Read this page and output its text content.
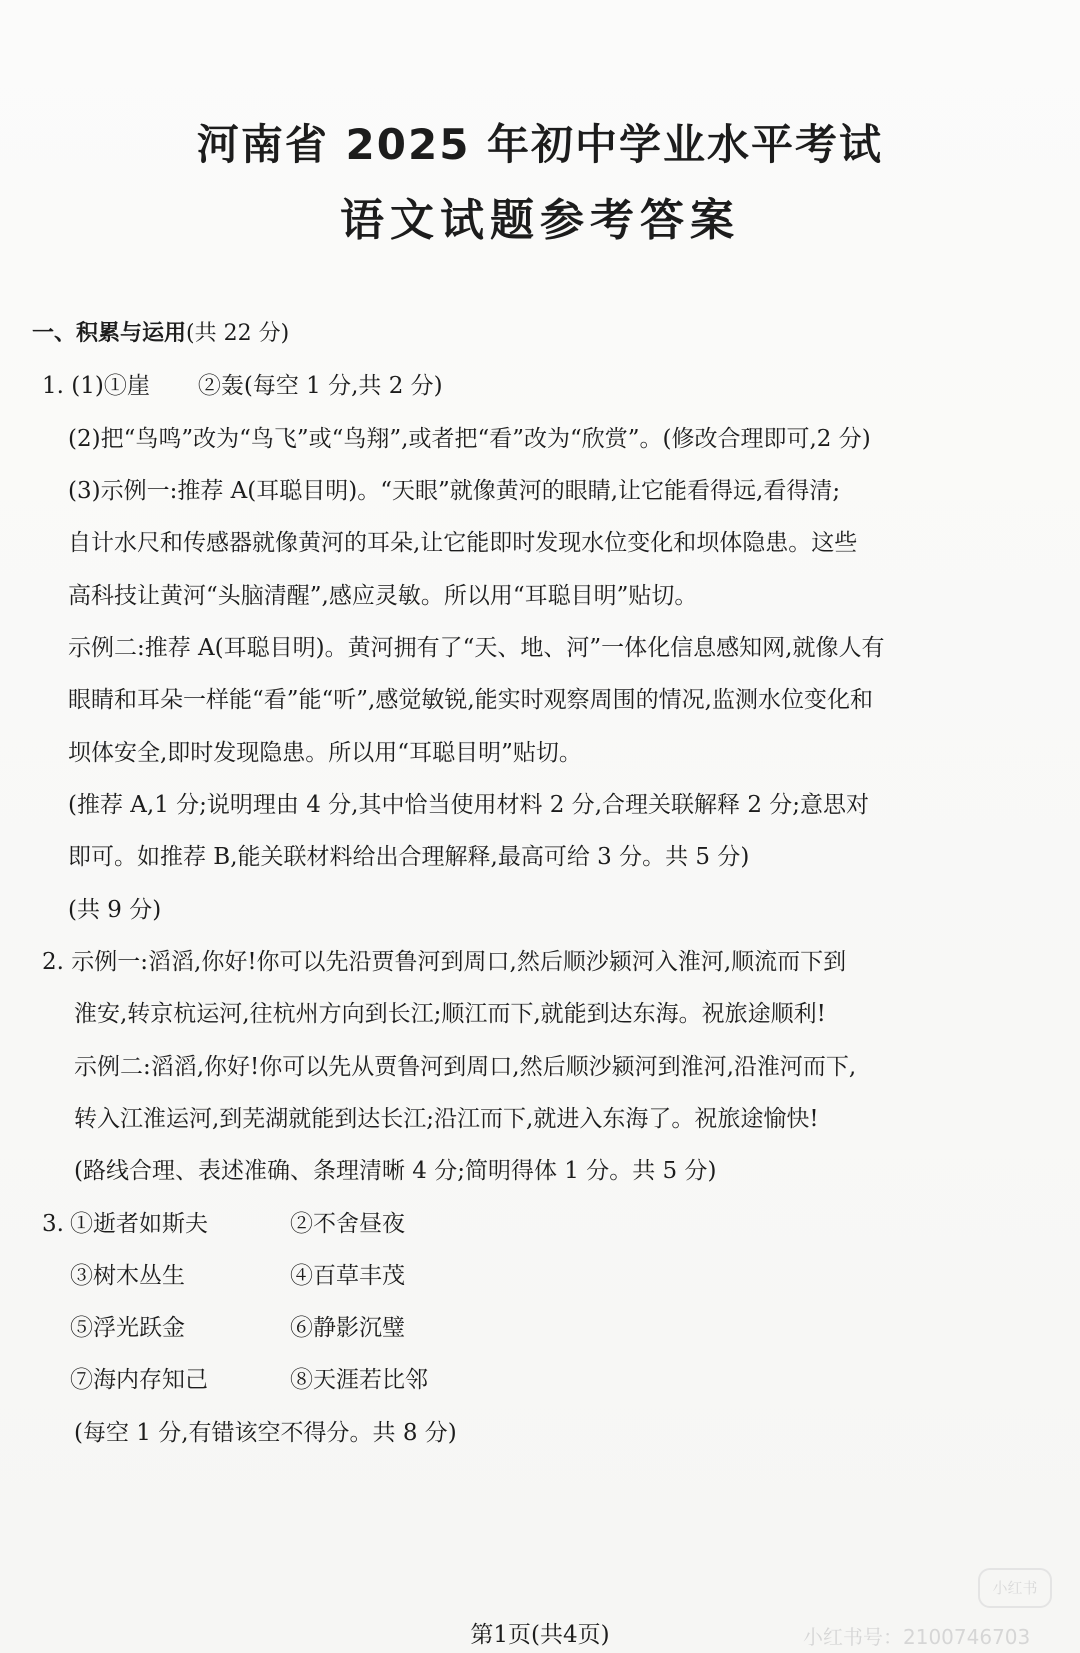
河南省 2025 年初中学业水平考试
语文试题参考答案
一、积累与运用(共 22 分)
1. (1)①崖 ②轰(每空 1 分,共 2 分)
(2)把“鸟鸣”改为“鸟飞”或“鸟翔”,或者把“看”改为“欣赏”。(修改合理即可,2 分)
(3)示例一:推荐 A(耳聪目明)。“天眼”就像黄河的眼睛,让它能看得远,看得清;
自计水尺和传感器就像黄河的耳朵,让它能即时发现水位变化和坝体隐患。这些
高科技让黄河“头脑清醒”,感应灵敏。所以用“耳聪目明”贴切。
示例二:推荐 A(耳聪目明)。黄河拥有了“天、地、河”一体化信息感知网,就像人有
眼睛和耳朵一样能“看”能“听”,感觉敏锐,能实时观察周围的情况,监测水位变化和
坝体安全,即时发现隐患。所以用“耳聪目明”贴切。
(推荐 A,1 分;说明理由 4 分,其中恰当使用材料 2 分,合理关联解释 2 分;意思对
即可。如推荐 B,能关联材料给出合理解释,最高可给 3 分。共 5 分)
(共 9 分)
2. 示例一:滔滔,你好!你可以先沿贾鲁河到周口,然后顺沙颍河入淮河,顺流而下到
淮安,转京杭运河,往杭州方向到长江;顺江而下,就能到达东海。祝旅途顺利!
示例二:滔滔,你好!你可以先从贾鲁河到周口,然后顺沙颍河到淮河,沿淮河而下,
转入江淮运河,到芜湖就能到达长江;沿江而下,就进入东海了。祝旅途愉快!
(路线合理、表述准确、条理清晰 4 分;简明得体 1 分。共 5 分)
3. ①逝者如斯夫	②不舍昼夜
③树木丛生	④百草丰茂
⑤浮光跃金	⑥静影沉璧
⑦海内存知己	⑧天涯若比邻
(每空 1 分,有错该空不得分。共 8 分)
第1页(共4页)
小红书
小红书号：2100746703
